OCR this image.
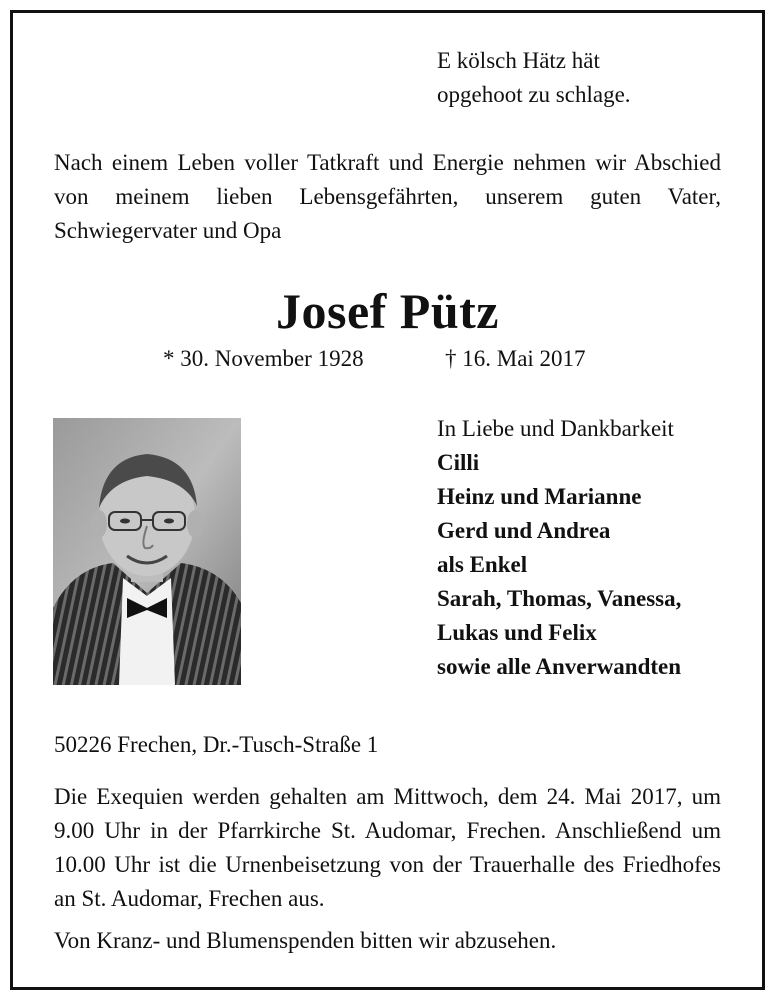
E kölsch Hätz hät
opgehoot zu schlage.
Nach einem Leben voller Tatkraft und Energie nehmen wir Abschied von meinem lieben Lebensgefährten, unserem guten Vater, Schwiegervater und Opa
Josef Pütz
* 30. November 1928	† 16. Mai 2017
In Liebe und Dankbarkeit
Cilli
Heinz und Marianne
Gerd und Andrea
als Enkel
Sarah, Thomas, Vanessa,
Lukas und Felix
sowie alle Anverwandten
50226 Frechen, Dr.-Tusch-Straße 1
Die Exequien werden gehalten am Mittwoch, dem 24. Mai 2017, um 9.00 Uhr in der Pfarrkirche St. Audomar, Frechen. Anschließend um 10.00 Uhr ist die Urnenbeisetzung von der Trauerhalle des Friedhofes an St. Audomar, Frechen aus.
Von Kranz- und Blumenspenden bitten wir abzusehen.
